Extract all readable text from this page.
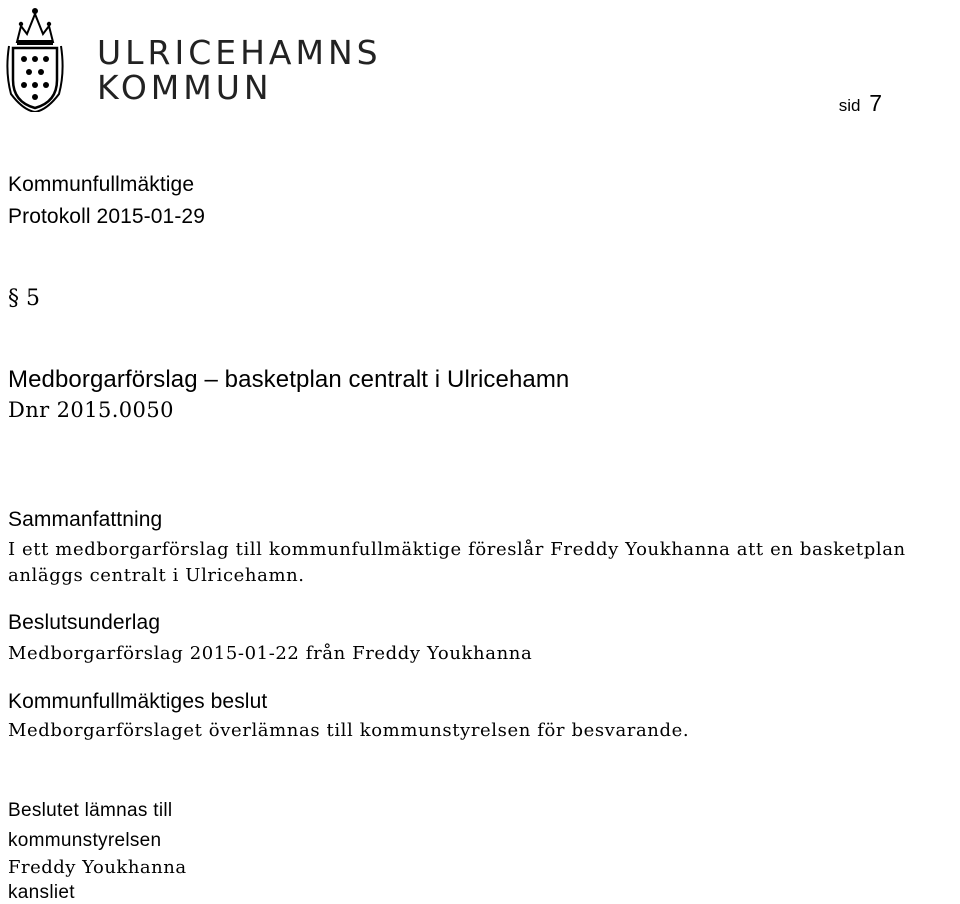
ULRICEHAMNS
KOMMUN	sid 7
Kommunfullmäktige
Protokoll 2015-01-29
§ 5
Medborgarförslag – basketplan centralt i Ulricehamn
Dnr 2015.0050
Sammanfattning
I ett medborgarförslag till kommunfullmäktige föreslår Freddy Youkhanna att en basketplan
anläggs centralt i Ulricehamn.
Beslutsunderlag
Medborgarförslag 2015-01-22 från Freddy Youkhanna
Kommunfullmäktiges beslut
Medborgarförslaget överlämnas till kommunstyrelsen för besvarande.
Beslutet lämnas till
kommunstyrelsen
Freddy Youkhanna
kansliet
